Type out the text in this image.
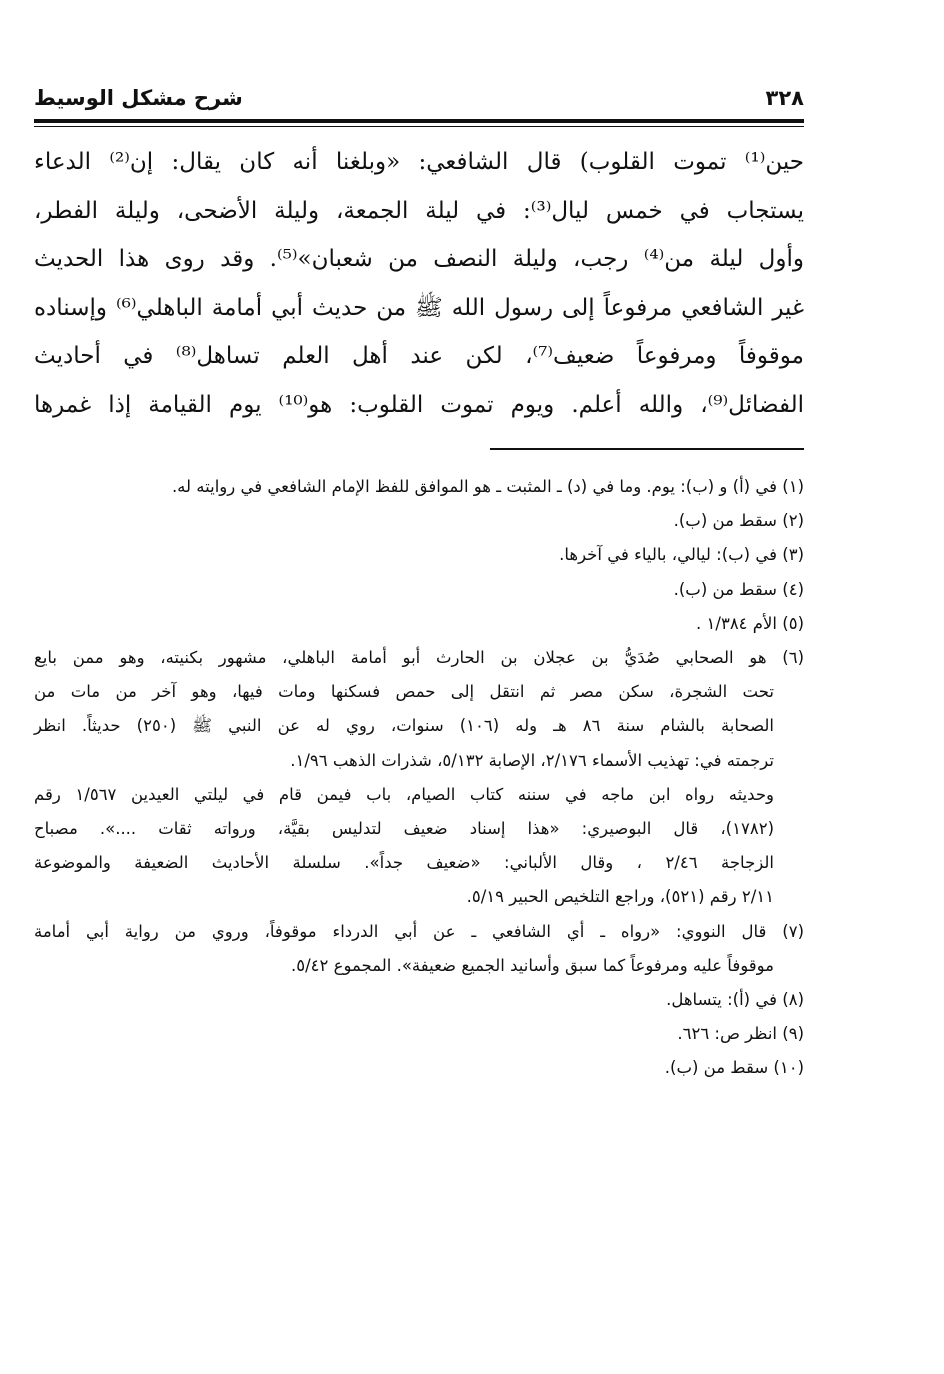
٣٢٨
شرح مشكل الوسيط
حين⁽¹⁾ تموت القلوب) قال الشافعي: «وبلغنا أنه كان يقال: إن⁽²⁾ الدعاء
يستجاب في خمس ليال⁽³⁾: في ليلة الجمعة، وليلة الأضحى، وليلة الفطر،
وأول ليلة من⁽⁴⁾ رجب، وليلة النصف من شعبان»⁽⁵⁾. وقد روى هذا الحديث
غير الشافعي مرفوعاً إلى رسول الله ﷺ من حديث أبي أمامة الباهلي⁽⁶⁾ وإسناده
موقوفاً ومرفوعاً ضعيف⁽⁷⁾، لكن عند أهل العلم تساهل⁽⁸⁾ في أحاديث
الفضائل⁽⁹⁾، والله أعلم. ويوم تموت القلوب: هو⁽¹⁰⁾ يوم القيامة إذا غمرها
(١) في (أ) و (ب): يوم. وما في (د) ـ المثبت ـ هو الموافق للفظ الإمام الشافعي في روايته له.
(٢) سقط من (ب).
(٣) في (ب): ليالي، بالياء في آخرها.
(٤) سقط من (ب).
(٥) الأم ١/٣٨٤ .
(٦) هو الصحابي صُدَيُّ بن عجلان بن الحارث أبو أمامة الباهلي، مشهور بكنيته، وهو ممن بايع
تحت الشجرة، سكن مصر ثم انتقل إلى حمص فسكنها ومات فيها، وهو آخر من مات من
الصحابة بالشام سنة ٨٦ هـ وله (١٠٦) سنوات، روي له عن النبي ﷺ (٢٥٠) حديثاً. انظر
ترجمته في: تهذيب الأسماء ٢/١٧٦، الإصابة ٥/١٣٢، شذرات الذهب ١/٩٦.
وحديثه رواه ابن ماجه في سننه كتاب الصيام، باب فيمن قام في ليلتي العيدين ١/٥٦٧ رقم
(١٧٨٢)، قال البوصيري: «هذا إسناد ضعيف لتدليس بقيَّة، ورواته ثقات ....». مصباح
الزجاجة ٢/٤٦ ، وقال الألباني: «ضعيف جداً». سلسلة الأحاديث الضعيفة والموضوعة
٢/١١ رقم (٥٢١)، وراجع التلخيص الحبير ٥/١٩.
(٧) قال النووي: «رواه ـ أي الشافعي ـ عن أبي الدرداء موقوفاً، وروي من رواية أبي أمامة
موقوفاً عليه ومرفوعاً كما سبق وأسانيد الجميع ضعيفة». المجموع ٥/٤٢.
(٨) في (أ): يتساهل.
(٩) انظر ص: ٦٢٦.
(١٠) سقط من (ب).
